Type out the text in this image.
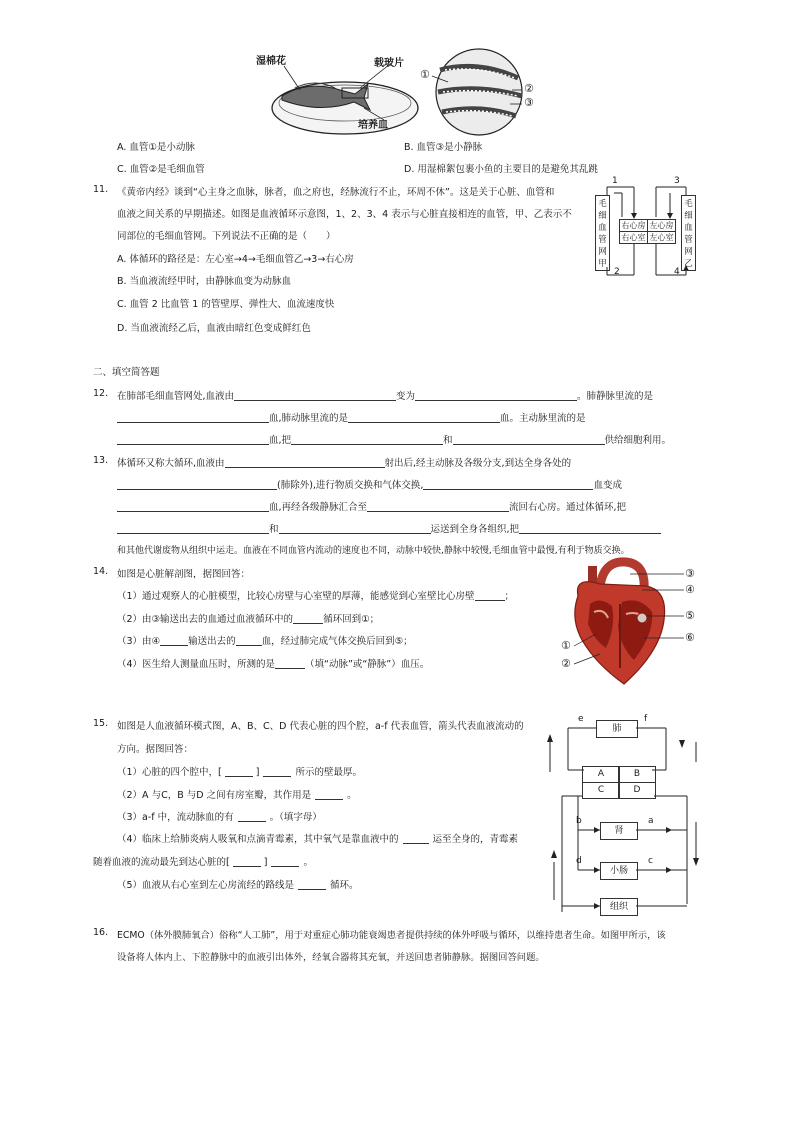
湿棉花	载玻片
培养皿
①
②
③
A. 血管①是小动脉	B. 血管③是小静脉
C. 血管②是毛细血管	D. 用湿棉絮包裹小鱼的主要目的是避免其乱跳
11. 《黄帝内经》谈到“心主身之血脉，脉者，血之府也，经脉流行不止，环周不休”。这是关于心脏、血管和
血液之间关系的早期描述。如图是血液循环示意图，1、2、3、4 表示与心脏直接相连的血管，甲、乙表示不
同部位的毛细血管网。下列说法不正确的是（　　）
A. 体循环的路径是：左心室→4→毛细血管乙→3→右心房
B. 当血液流经甲时，由静脉血变为动脉血
C. 血管 2 比血管 1 的管壁厚、弹性大、血流速度快
D. 当血液流经乙后，血液由暗红色变成鲜红色
毛细血管网甲
毛细血管网乙
右心房 左心房
右心室 左心室
1	3
2	4
二、填空简答题
12. 在肺部毛细血管网处,血液由	变为	。肺静脉里流的是
血,肺动脉里流的是	血。主动脉里流的是
血,把	和	供给细胞利用。
13. 体循环又称大循环,血液由	射出后,经主动脉及各级分支,到达全身各处的
(肺除外),进行物质交换和气体交换,	血变成
血,再经各级静脉汇合至	流回右心房。通过体循环,把
和	运送到全身各组织,把
和其他代谢废物从组织中运走。血液在不同血管内流动的速度也不同，动脉中较快,静脉中较慢,毛细血管中最慢,有利于物质交换。
14. 如图是心脏解剖图，据图回答：
（1）通过观察人的心脏模型，比较心房壁与心室壁的厚薄，能感觉到心室壁比心房壁	；
（2）由③输送出去的血通过血液循环中的	循环回到①；
（3）由④	输送出去的	血，经过肺完成气体交换后回到⑤；
（4）医生给人测量血压时，所测的是	（填“动脉”或“静脉”）血压。
③
④
⑤
⑥
①
②
15. 如图是人血液循环模式图，A、B、C、D 代表心脏的四个腔，a-f 代表血管，箭头代表血液流动的
方向。据图回答：
（1）心脏的四个腔中，[	]	所示的壁最厚。
（2）A 与C，B 与D 之间有房室瓣，其作用是	。
（3）a-f 中，流动脉血的有	。（填字母）
（4）临床上给肺炎病人吸氧和点滴青霉素，其中氧气是靠血液中的	运至全身的，青霉素
随着血液的流动最先到达心脏的[	]	。
（5）血液从右心室到左心房流经的路线是	循环。
肺
A	B
C	D
肾
小肠
组织
e	f
b	a
d	c
16. ECMO（体外膜肺氧合）俗称“人工肺”，用于对重症心肺功能衰竭患者提供持续的体外呼吸与循环，以维持患者生命。如图甲所示，该
设备将人体内上、下腔静脉中的血液引出体外，经氧合器将其充氧，并送回患者肺静脉。据图回答问题。
